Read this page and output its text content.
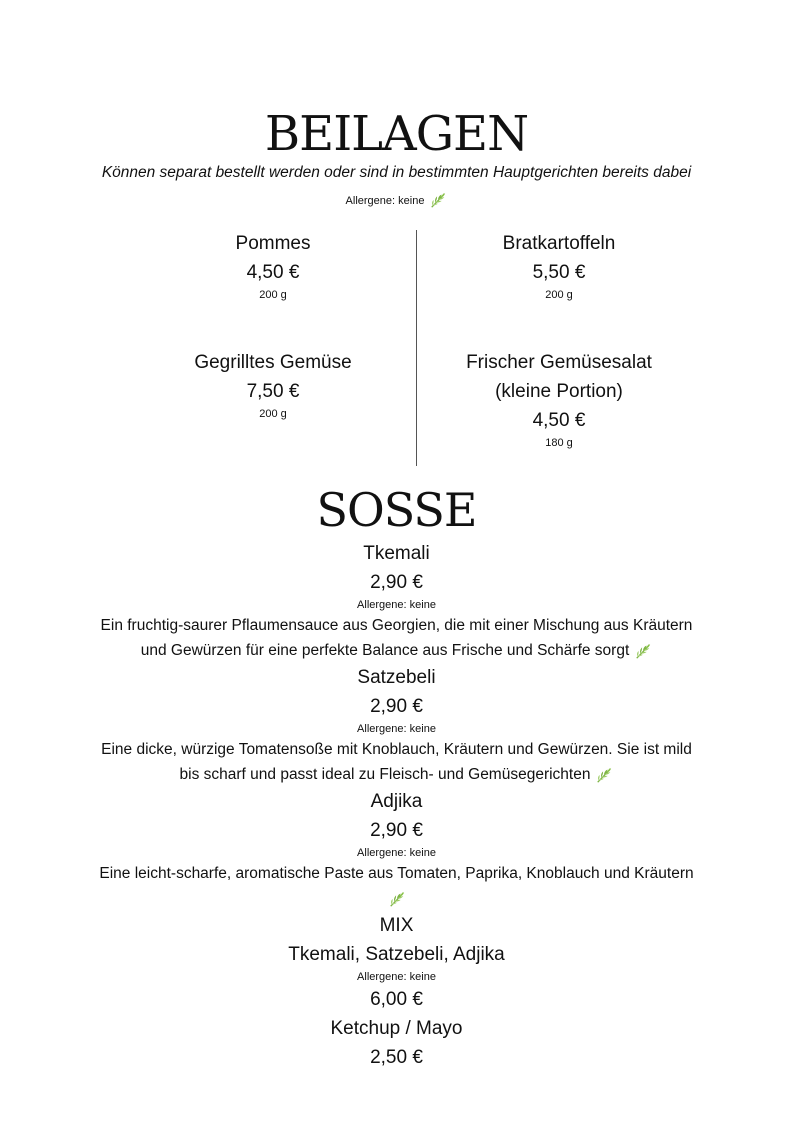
BEILAGEN
Können separat bestellt werden oder sind in bestimmten Hauptgerichten bereits dabei
Allergene: keine
Pommes
4,50 €
200 g
Bratkartoffeln
5,50 €
200 g
Gegrilltes Gemüse
7,50 €
200 g
Frischer Gemüsesalat
(kleine Portion)
4,50 €
180 g
SOSSE
Tkemali
2,90 €
Allergene: keine
Ein fruchtig-saurer Pflaumensauce aus Georgien, die mit einer Mischung aus Kräutern
und Gewürzen für eine perfekte Balance aus Frische und Schärfe sorgt
Satzebeli
2,90 €
Allergene: keine
Eine dicke, würzige Tomatensoße mit Knoblauch, Kräutern und Gewürzen. Sie ist mild
bis scharf und passt ideal zu Fleisch- und Gemüsegerichten
Adjika
2,90 €
Allergene: keine
Eine leicht-scharfe, aromatische Paste aus Tomaten, Paprika, Knoblauch und Kräutern
MIX
Tkemali, Satzebeli, Adjika
Allergene: keine
6,00 €
Ketchup / Mayo
2,50 €
